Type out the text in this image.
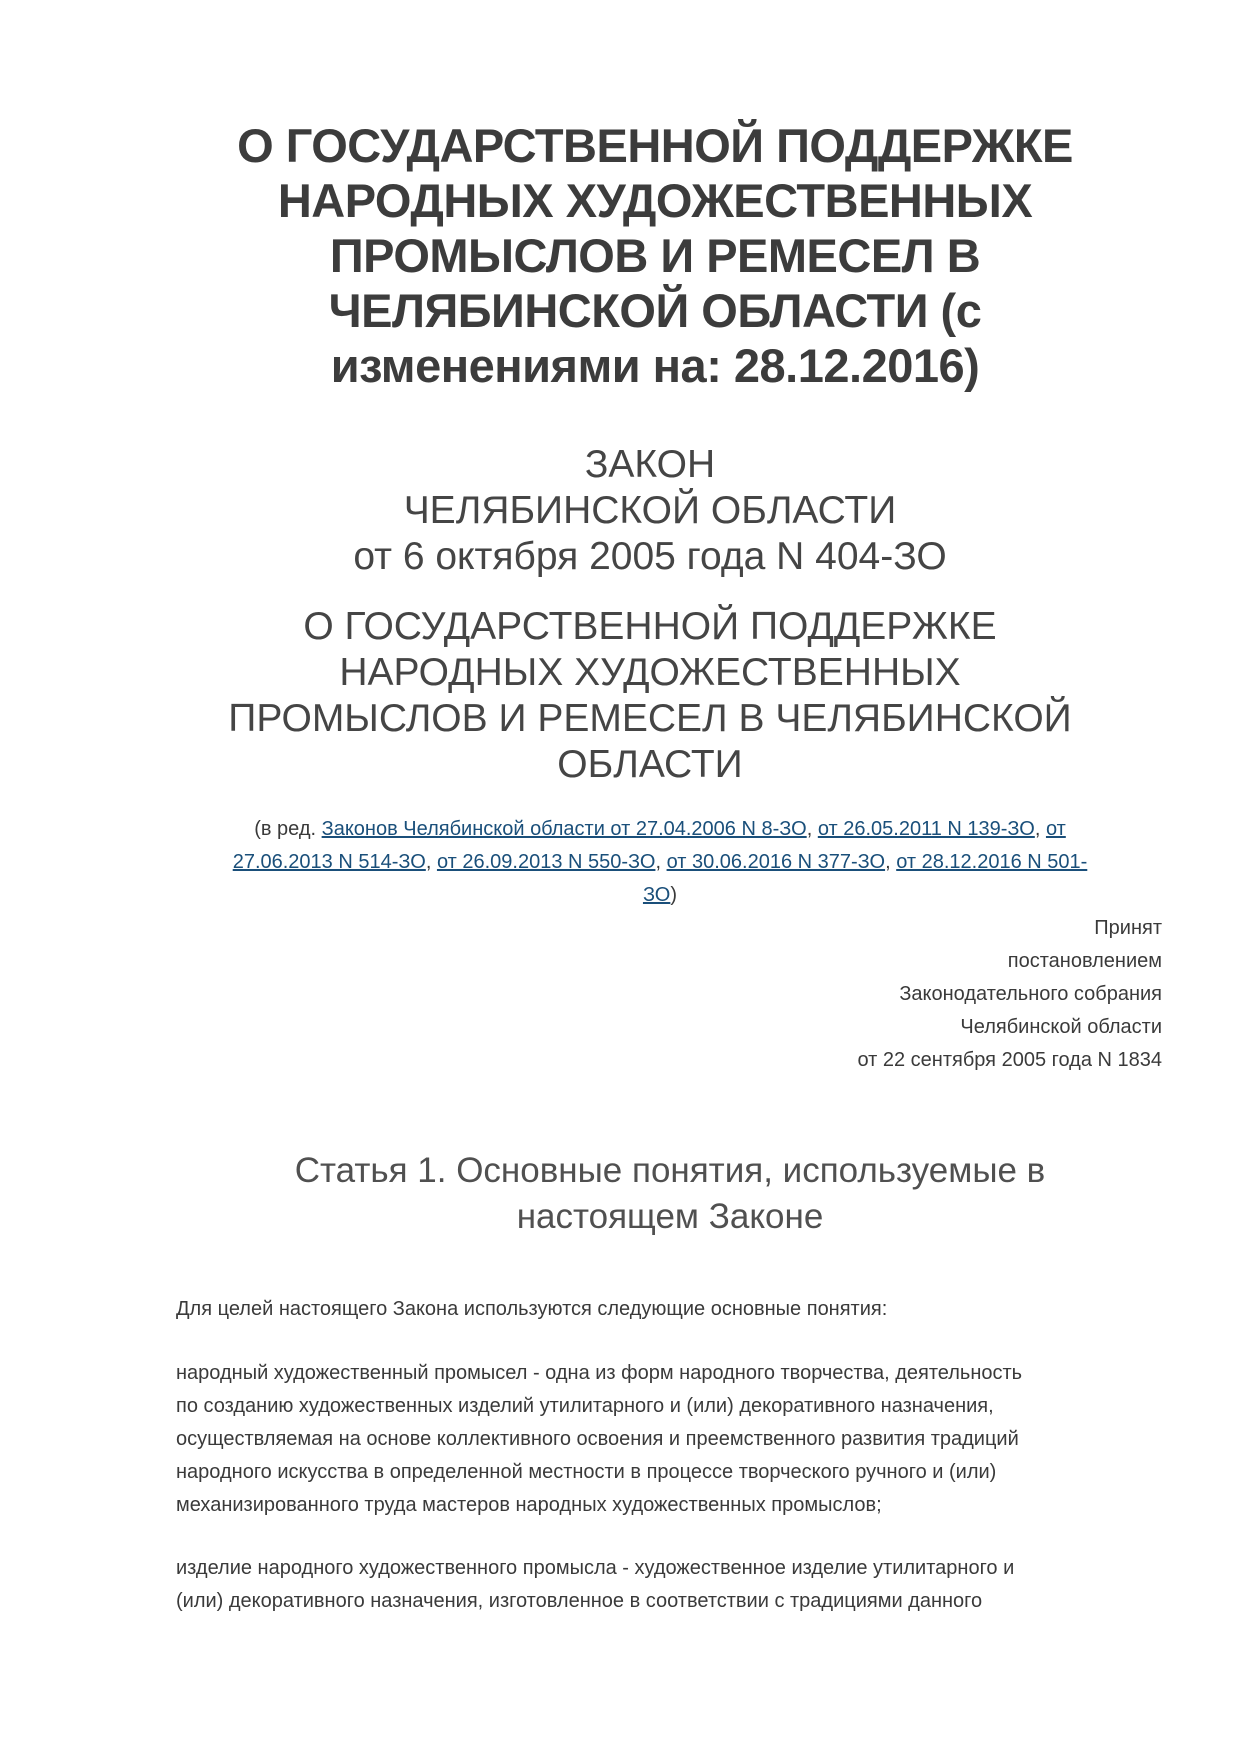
О ГОСУДАРСТВЕННОЙ ПОДДЕРЖКЕ
НАРОДНЫХ ХУДОЖЕСТВЕННЫХ
ПРОМЫСЛОВ И РЕМЕСЕЛ В
ЧЕЛЯБИНСКОЙ ОБЛАСТИ (с
изменениями на: 28.12.2016)
ЗАКОН
ЧЕЛЯБИНСКОЙ ОБЛАСТИ
от 6 октября 2005 года N 404-ЗО
О ГОСУДАРСТВЕННОЙ ПОДДЕРЖКЕ
НАРОДНЫХ ХУДОЖЕСТВЕННЫХ
ПРОМЫСЛОВ И РЕМЕСЕЛ В ЧЕЛЯБИНСКОЙ
ОБЛАСТИ
(в ред. Законов Челябинской области от 27.04.2006 N 8-ЗО, от 26.05.2011 N 139-ЗО, от
27.06.2013 N 514-ЗО, от 26.09.2013 N 550-ЗО, от 30.06.2016 N 377-ЗО, от 28.12.2016 N 501-
ЗО)
Принят
постановлением
Законодательного собрания
Челябинской области
от 22 сентября 2005 года N 1834
Статья 1. Основные понятия, используемые в
настоящем Законе
Для целей настоящего Закона используются следующие основные понятия:
народный художественный промысел - одна из форм народного творчества, деятельность
по созданию художественных изделий утилитарного и (или) декоративного назначения,
осуществляемая на основе коллективного освоения и преемственного развития традиций
народного искусства в определенной местности в процессе творческого ручного и (или)
механизированного труда мастеров народных художественных промыслов;
изделие народного художественного промысла - художественное изделие утилитарного и
(или) декоративного назначения, изготовленное в соответствии с традициями данного
